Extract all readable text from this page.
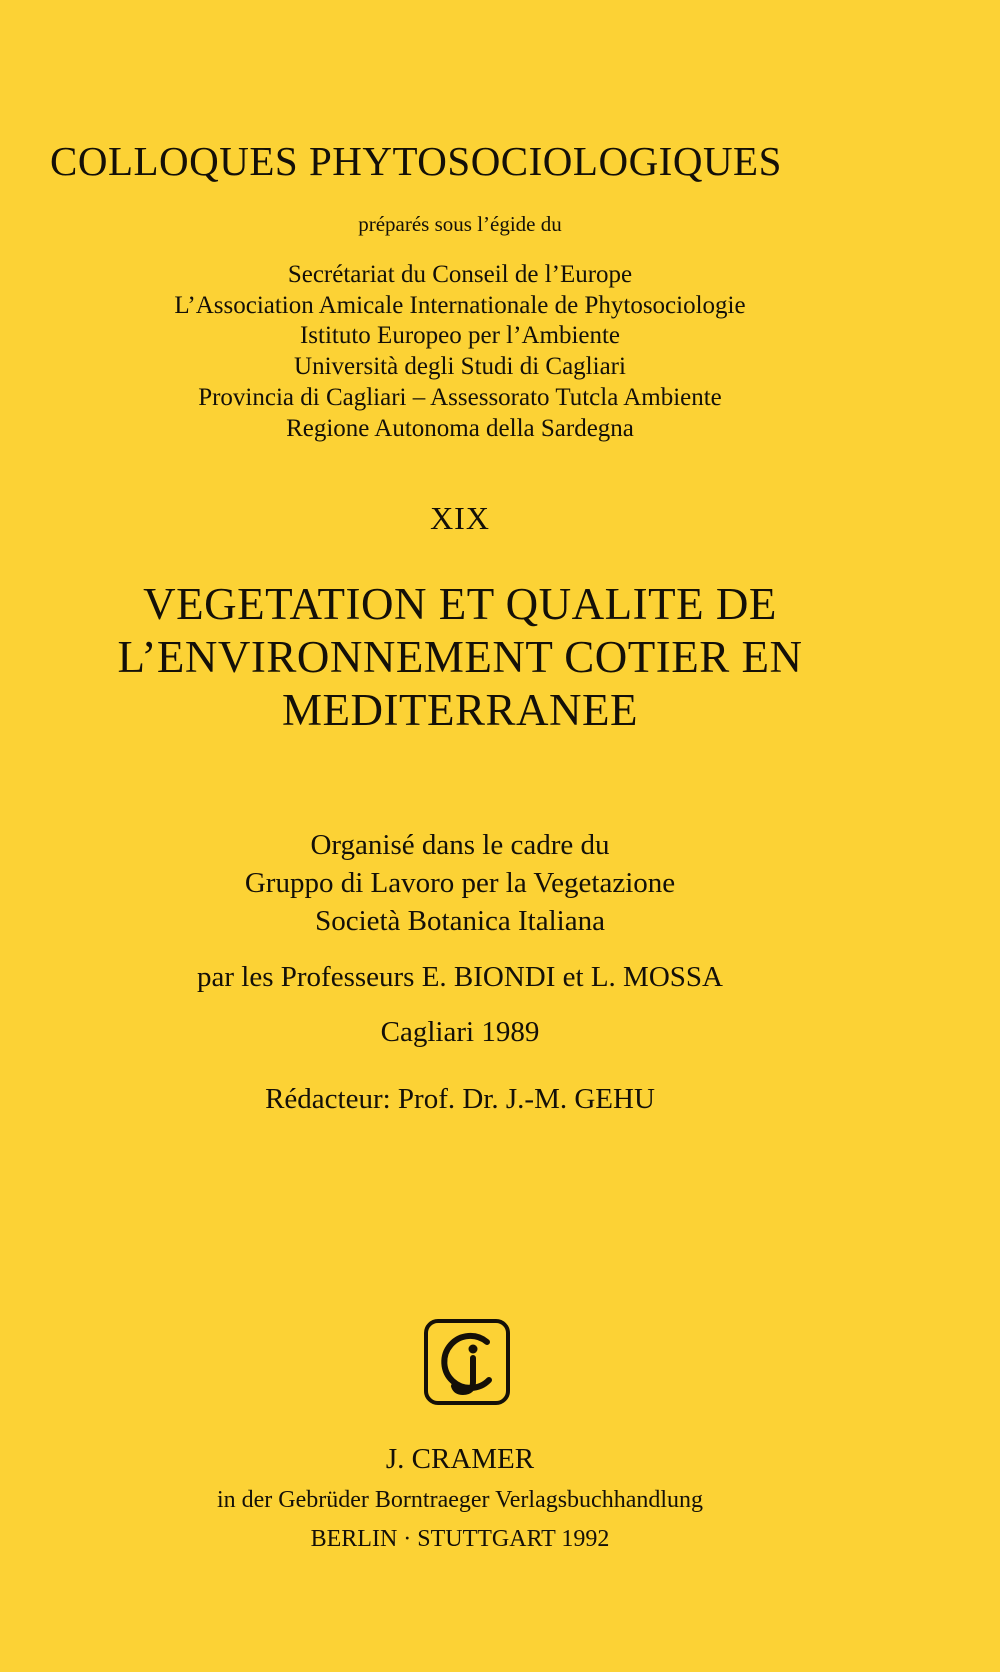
COLLOQUES PHYTOSOCIOLOGIQUES
préparés sous l’égide du
Secrétariat du Conseil de l’Europe
L’Association Amicale Internationale de Phytosociologie
Istituto Europeo per l’Ambiente
Università degli Studi di Cagliari
Provincia di Cagliari – Assessorato Tutcla Ambiente
Regione Autonoma della Sardegna
XIX
VEGETATION ET QUALITE DE
L’ENVIRONNEMENT COTIER EN
MEDITERRANEE
Organisé dans le cadre du
Gruppo di Lavoro per la Vegetazione
Società Botanica Italiana
par les Professeurs E. BIONDI et L. MOSSA
Cagliari 1989
Rédacteur: Prof. Dr. J.-M. GEHU
J. CRAMER
in der Gebrüder Borntraeger Verlagsbuchhandlung
BERLIN · STUTTGART 1992
